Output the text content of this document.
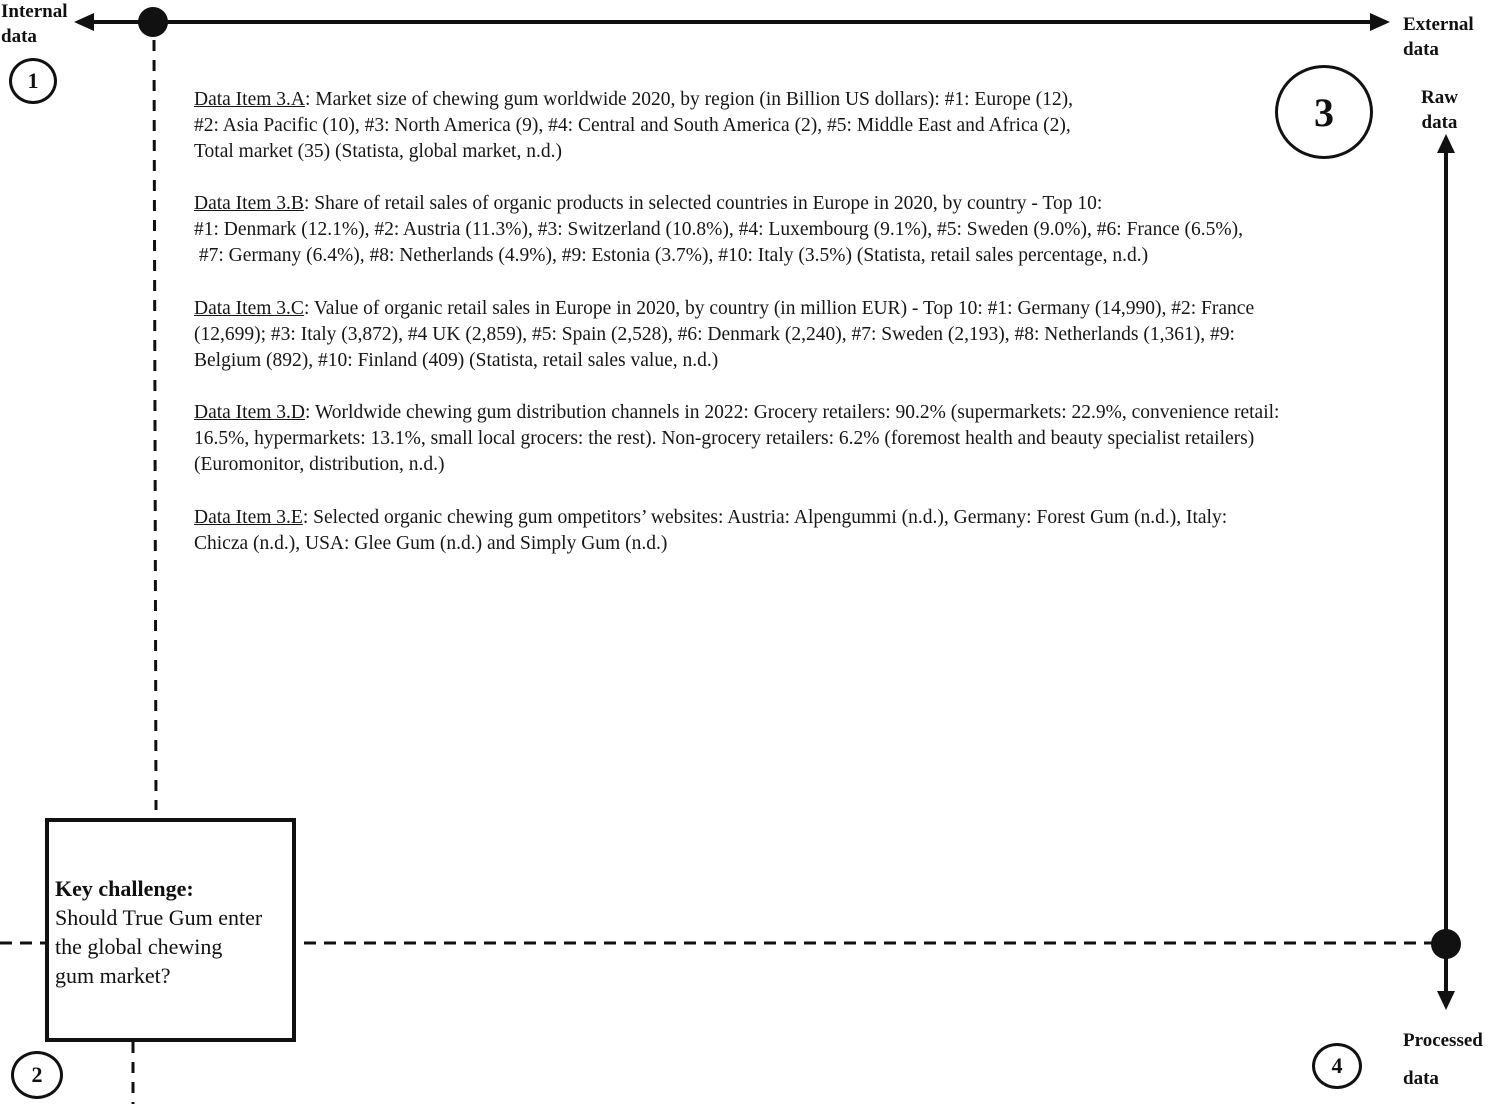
Internal
data
External
data
Raw
data
Processed
data
1
2
3
4
Data Item 3.A: Market size of chewing gum worldwide 2020, by region (in Billion US dollars): #1: Europe (12),
#2: Asia Pacific (10), #3: North America (9), #4: Central and South America (2), #5: Middle East and Africa (2),
Total market (35) (Statista, global market, n.d.)
Data Item 3.B: Share of retail sales of organic products in selected countries in Europe in 2020, by country - Top 10:
#1: Denmark (12.1%), #2: Austria (11.3%), #3: Switzerland (10.8%), #4: Luxembourg (9.1%), #5: Sweden (9.0%), #6: France (6.5%),
#7: Germany (6.4%), #8: Netherlands (4.9%), #9: Estonia (3.7%), #10: Italy (3.5%) (Statista, retail sales percentage, n.d.)
Data Item 3.C: Value of organic retail sales in Europe in 2020, by country (in million EUR) - Top 10: #1: Germany (14,990), #2: France
(12,699); #3: Italy (3,872), #4 UK (2,859), #5: Spain (2,528), #6: Denmark (2,240), #7: Sweden (2,193), #8: Netherlands (1,361), #9:
Belgium (892), #10: Finland (409) (Statista, retail sales value, n.d.)
Data Item 3.D: Worldwide chewing gum distribution channels in 2022: Grocery retailers: 90.2% (supermarkets: 22.9%, convenience retail:
16.5%, hypermarkets: 13.1%, small local grocers: the rest). Non-grocery retailers: 6.2% (foremost health and beauty specialist retailers)
(Euromonitor, distribution, n.d.)
Data Item 3.E: Selected organic chewing gum ompetitors’ websites: Austria: Alpengummi (n.d.), Germany: Forest Gum (n.d.), Italy:
Chicza (n.d.), USA: Glee Gum (n.d.) and Simply Gum (n.d.)
Key challenge:
Should True Gum enter
the global chewing
gum market?
